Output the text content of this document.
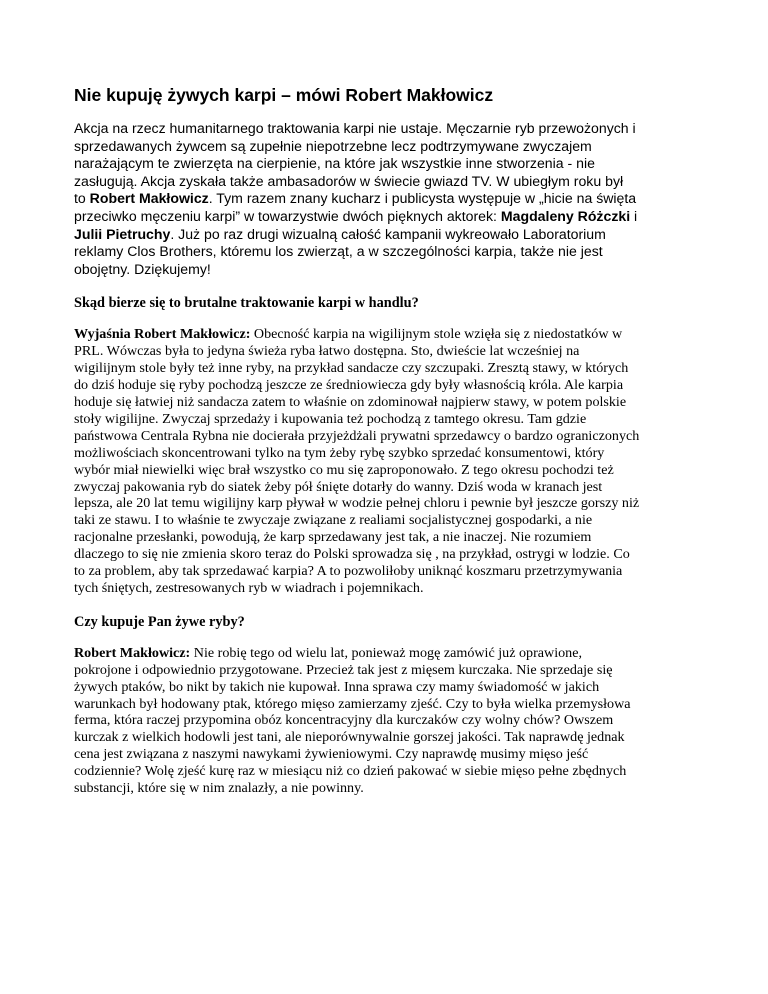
Nie kupuję żywych karpi – mówi Robert Makłowicz
Akcja na rzecz humanitarnego traktowania karpi nie ustaje. Męczarnie ryb przewożonych i
sprzedawanych żywcem są zupełnie niepotrzebne lecz podtrzymywane zwyczajem
narażającym te zwierzęta na cierpienie, na które jak wszystkie inne stworzenia - nie
zasługują. Akcja zyskała także ambasadorów w świecie gwiazd TV. W ubiegłym roku był
to Robert Makłowicz. Tym razem znany kucharz i publicysta występuje w „hicie na święta
przeciwko męczeniu karpi” w towarzystwie dwóch pięknych aktorek: Magdaleny Różczki i
Julii Pietruchy. Już po raz drugi wizualną całość kampanii wykreowało Laboratorium
reklamy Clos Brothers, któremu los zwierząt, a w szczególności karpia, także nie jest
obojętny. Dziękujemy!

Skąd bierze się to brutalne traktowanie karpi w handlu?

Wyjaśnia Robert Makłowicz: Obecność karpia na wigilijnym stole wzięła się z niedostatków w
PRL. Wówczas była to jedyna świeża ryba łatwo dostępna. Sto, dwieście lat wcześniej na
wigilijnym stole były też inne ryby, na przykład sandacze czy szczupaki. Zresztą stawy, w których
do dziś hoduje się ryby pochodzą jeszcze ze średniowiecza gdy były własnością króla. Ale karpia
hoduje się łatwiej niż sandacza zatem to właśnie on zdominował najpierw stawy, w potem polskie
stoły wigilijne. Zwyczaj sprzedaży i kupowania też pochodzą z tamtego okresu. Tam gdzie
państwowa Centrala Rybna nie docierała przyjeżdżali prywatni sprzedawcy o bardzo ograniczonych
możliwościach skoncentrowani tylko na tym żeby rybę szybko sprzedać konsumentowi, który
wybór miał niewielki więc brał wszystko co mu się zaproponowało. Z tego okresu pochodzi też
zwyczaj pakowania ryb do siatek żeby pół śnięte dotarły do wanny. Dziś woda w kranach jest
lepsza, ale 20 lat temu wigilijny karp pływał w wodzie pełnej chloru i pewnie był jeszcze gorszy niż
taki ze stawu. I to właśnie te zwyczaje związane z realiami socjalistycznej gospodarki, a nie
racjonalne przesłanki, powodują, że karp sprzedawany jest tak, a nie inaczej. Nie rozumiem
dlaczego to się nie zmienia skoro teraz do Polski sprowadza się , na przykład, ostrygi w lodzie. Co
to za problem, aby tak sprzedawać karpia? A to pozwoliłoby uniknąć koszmaru przetrzymywania
tych śniętych, zestresowanych ryb w wiadrach i pojemnikach.

Czy kupuje Pan żywe ryby?

Robert Makłowicz: Nie robię tego od wielu lat, ponieważ mogę zamówić już oprawione,
pokrojone i odpowiednio przygotowane. Przecież tak jest z mięsem kurczaka. Nie sprzedaje się
żywych ptaków, bo nikt by takich nie kupował. Inna sprawa czy mamy świadomość w jakich
warunkach był hodowany ptak, którego mięso zamierzamy zjeść. Czy to była wielka przemysłowa
ferma, która raczej przypomina obóz koncentracyjny dla kurczaków czy wolny chów? Owszem
kurczak z wielkich hodowli jest tani, ale nieporównywalnie gorszej jakości. Tak naprawdę jednak
cena jest związana z naszymi nawykami żywieniowymi. Czy naprawdę musimy mięso jeść
codziennie? Wolę zjeść kurę raz w miesiącu niż co dzień pakować w siebie mięso pełne zbędnych
substancji, które się w nim znalazły, a nie powinny.
